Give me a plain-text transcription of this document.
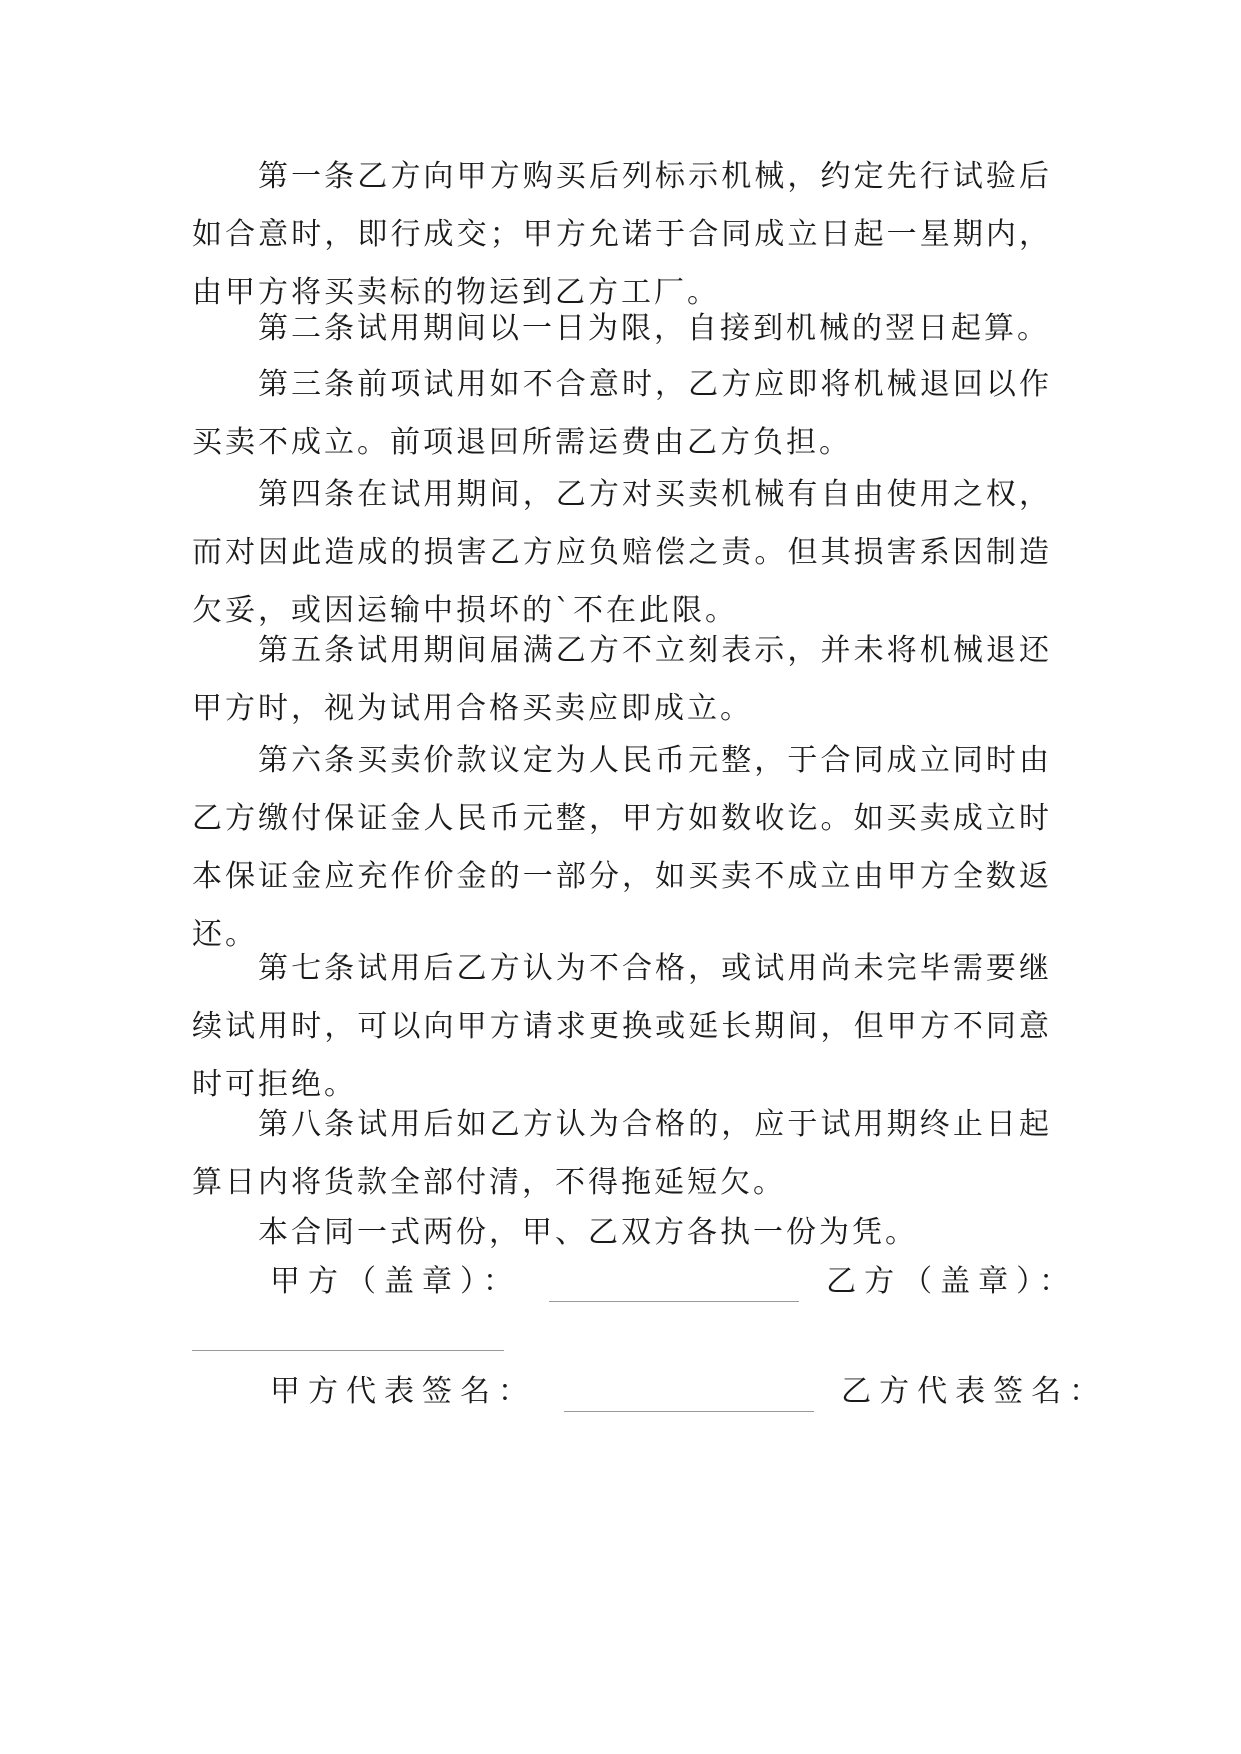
第一条乙方向甲方购买后列标示机械，约定先行试验后如合意时，即行成交；甲方允诺于合同成立日起一星期内，由甲方将买卖标的物运到乙方工厂。

第二条试用期间以一日为限，自接到机械的翌日起算。

第三条前项试用如不合意时，乙方应即将机械退回以作买卖不成立。前项退回所需运费由乙方负担。

第四条在试用期间，乙方对买卖机械有自由使用之权，而对因此造成的损害乙方应负赔偿之责。但其损害系因制造欠妥，或因运输中损坏的`不在此限。

第五条试用期间届满乙方不立刻表示，并未将机械退还甲方时，视为试用合格买卖应即成立。

第六条买卖价款议定为人民币元整，于合同成立同时由乙方缴付保证金人民币元整，甲方如数收讫。如买卖成立时本保证金应充作价金的一部分，如买卖不成立由甲方全数返还。

第七条试用后乙方认为不合格，或试用尚未完毕需要继续试用时，可以向甲方请求更换或延长期间，但甲方不同意时可拒绝。

第八条试用后如乙方认为合格的，应于试用期终止日起算日内将货款全部付清，不得拖延短欠。

本合同一式两份，甲、乙双方各执一份为凭。

甲方（盖章）：	乙方（盖章）：
甲方代表签名：	乙方代表签名：
